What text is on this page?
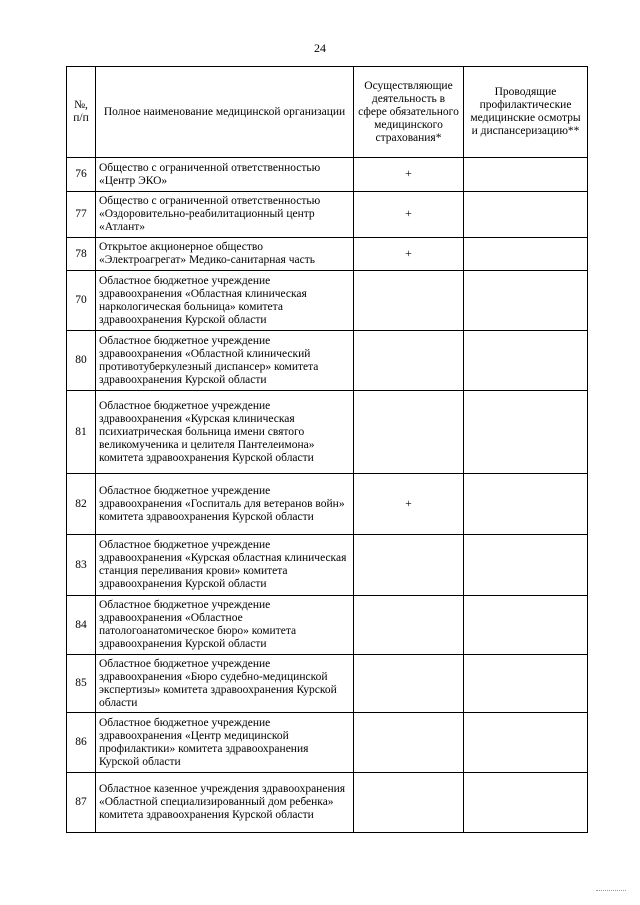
24
№, п/п	Полное наименование медицинской организации	Осуществляющие деятельность в сфере обязательного медицинского страхования*	Проводящие профилактические медицинские осмотры и диспансеризацию**
76	Общество с ограниченной ответственностью «Центр ЭКО»	+	
77	Общество с ограниченной ответственностью «Оздоровительно-реабилитационный центр «Атлант»	+	
78	Открытое акционерное общество «Электроагрегат» Медико-санитарная часть	+	
70	Областное бюджетное учреждение здравоохранения «Областная клиническая наркологическая больница» комитета здравоохранения Курской области		
80	Областное бюджетное учреждение здравоохранения «Областной клинический противотуберкулезный диспансер» комитета здравоохранения Курской области		
81	Областное бюджетное учреждение здравоохранения «Курская клиническая психиатрическая больница имени святого великомученика и целителя Пантелеимона» комитета здравоохранения Курской области		
82	Областное бюджетное учреждение здравоохранения «Госпиталь для ветеранов войн» комитета здравоохранения Курской области	+	
83	Областное бюджетное учреждение здравоохранения «Курская областная клиническая станция переливания крови» комитета здравоохранения Курской области		
84	Областное бюджетное учреждение здравоохранения «Областное патологоанатомическое бюро» комитета здравоохранения Курской области		
85	Областное бюджетное учреждение здравоохранения «Бюро судебно-медицинской экспертизы» комитета здравоохранения Курской области		
86	Областное бюджетное учреждение здравоохранения «Центр медицинской профилактики» комитета здравоохранения Курской области		
87	Областное казенное учреждения здравоохранения «Областной специализированный дом ребенка» комитета здравоохранения Курской области		
